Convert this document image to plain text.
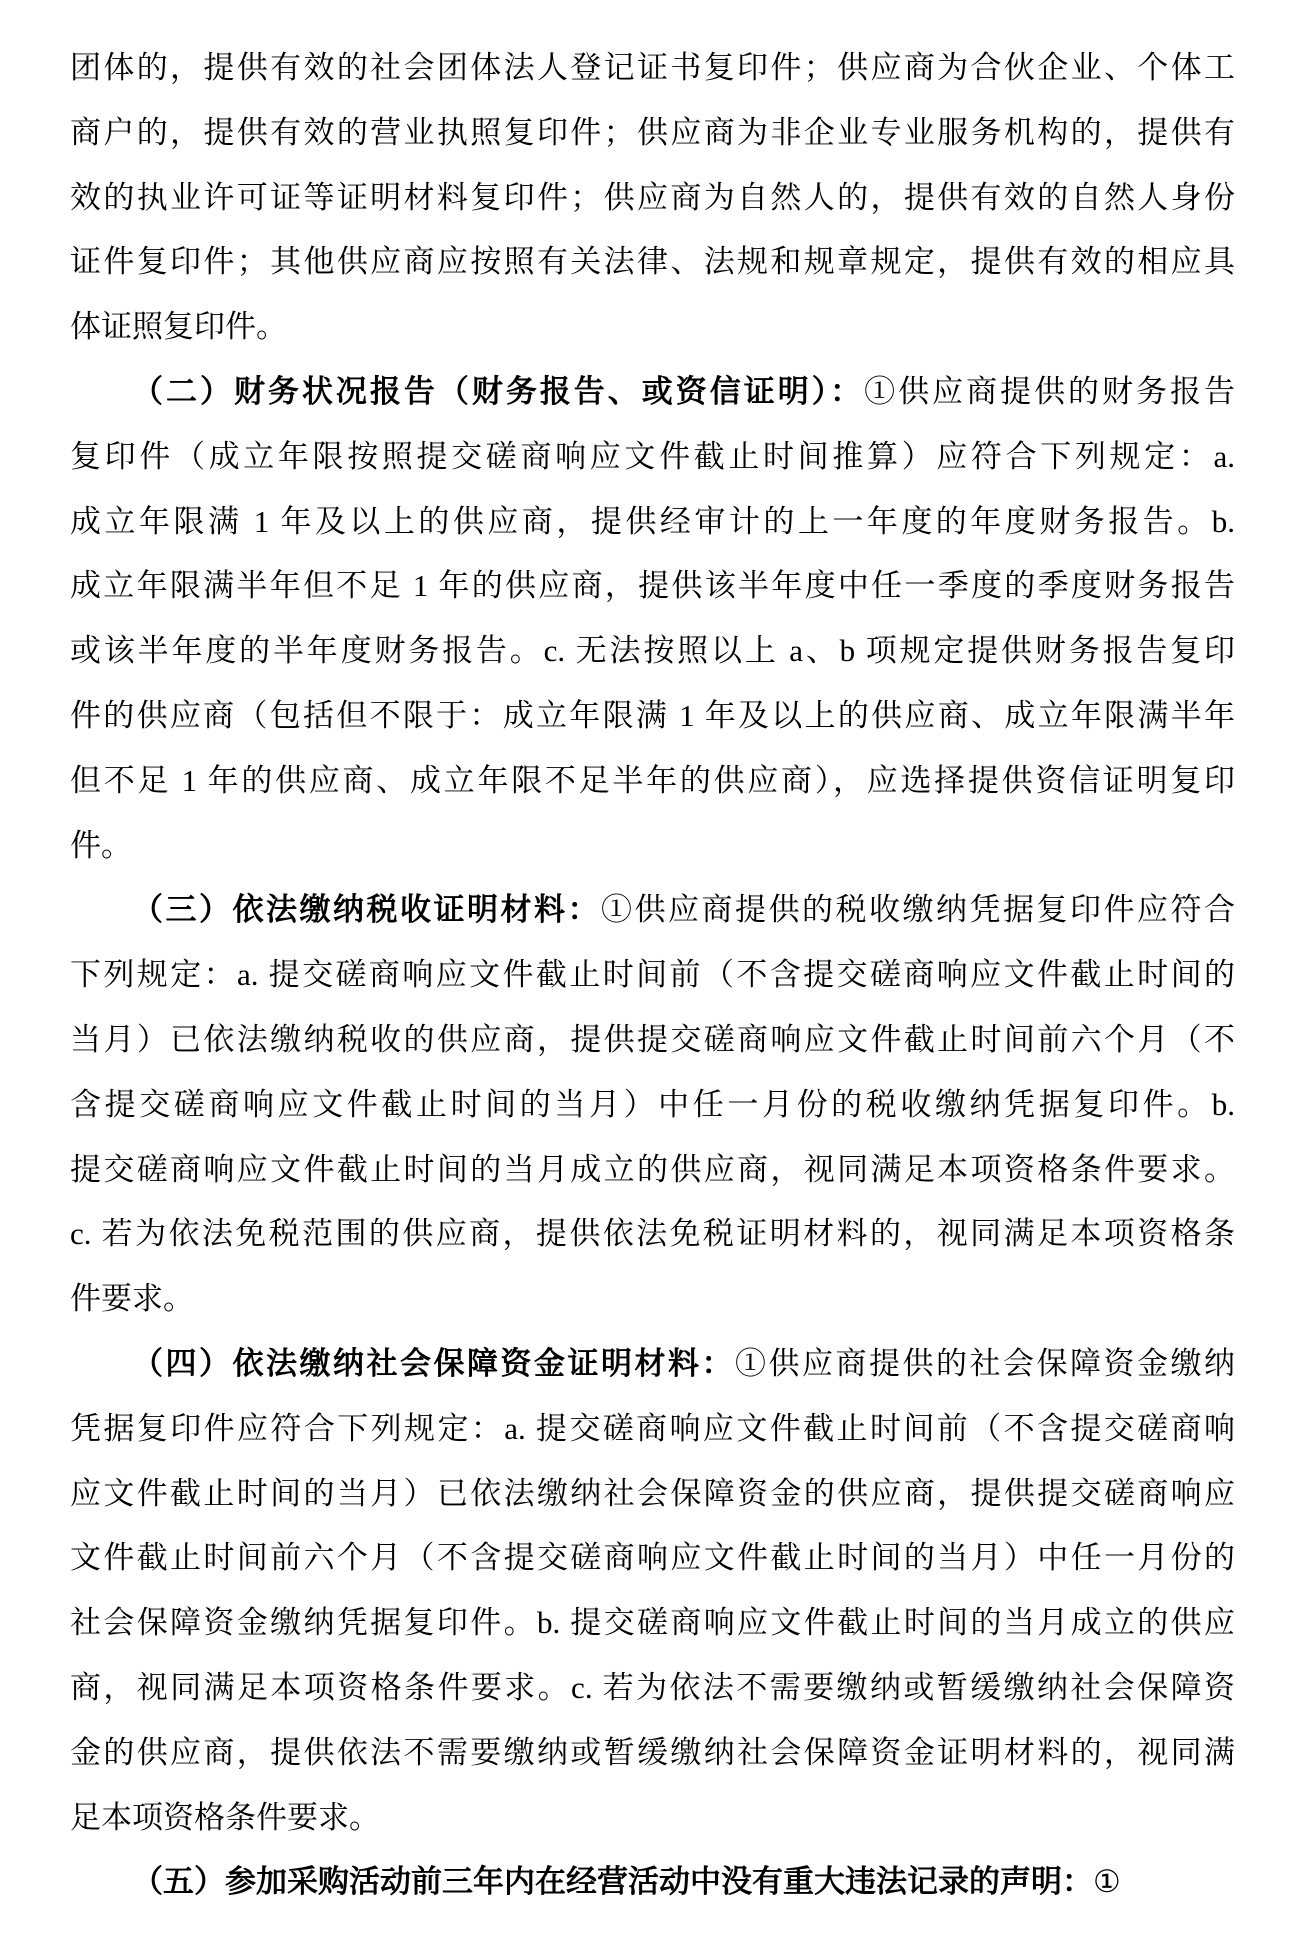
团体的，提供有效的社会团体法人登记证书复印件；供应商为合伙企业、个体工
商户的，提供有效的营业执照复印件；供应商为非企业专业服务机构的，提供有
效的执业许可证等证明材料复印件；供应商为自然人的，提供有效的自然人身份
证件复印件；其他供应商应按照有关法律、法规和规章规定，提供有效的相应具
体证照复印件。
（二）财务状况报告（财务报告、或资信证明）：①供应商提供的财务报告
复印件（成立年限按照提交磋商响应文件截止时间推算）应符合下列规定：a.
成立年限满 1 年及以上的供应商，提供经审计的上一年度的年度财务报告。b.
成立年限满半年但不足 1 年的供应商，提供该半年度中任一季度的季度财务报告
或该半年度的半年度财务报告。c. 无法按照以上 a、b 项规定提供财务报告复印
件的供应商（包括但不限于：成立年限满 1 年及以上的供应商、成立年限满半年
但不足 1 年的供应商、成立年限不足半年的供应商），应选择提供资信证明复印
件。
（三）依法缴纳税收证明材料：①供应商提供的税收缴纳凭据复印件应符合
下列规定：a. 提交磋商响应文件截止时间前（不含提交磋商响应文件截止时间的
当月）已依法缴纳税收的供应商，提供提交磋商响应文件截止时间前六个月（不
含提交磋商响应文件截止时间的当月）中任一月份的税收缴纳凭据复印件。b.
提交磋商响应文件截止时间的当月成立的供应商，视同满足本项资格条件要求。
c. 若为依法免税范围的供应商，提供依法免税证明材料的，视同满足本项资格条
件要求。
（四）依法缴纳社会保障资金证明材料：①供应商提供的社会保障资金缴纳
凭据复印件应符合下列规定：a. 提交磋商响应文件截止时间前（不含提交磋商响
应文件截止时间的当月）已依法缴纳社会保障资金的供应商，提供提交磋商响应
文件截止时间前六个月（不含提交磋商响应文件截止时间的当月）中任一月份的
社会保障资金缴纳凭据复印件。b. 提交磋商响应文件截止时间的当月成立的供应
商，视同满足本项资格条件要求。c. 若为依法不需要缴纳或暂缓缴纳社会保障资
金的供应商，提供依法不需要缴纳或暂缓缴纳社会保障资金证明材料的，视同满
足本项资格条件要求。
（五）参加采购活动前三年内在经营活动中没有重大违法记录的声明：①
